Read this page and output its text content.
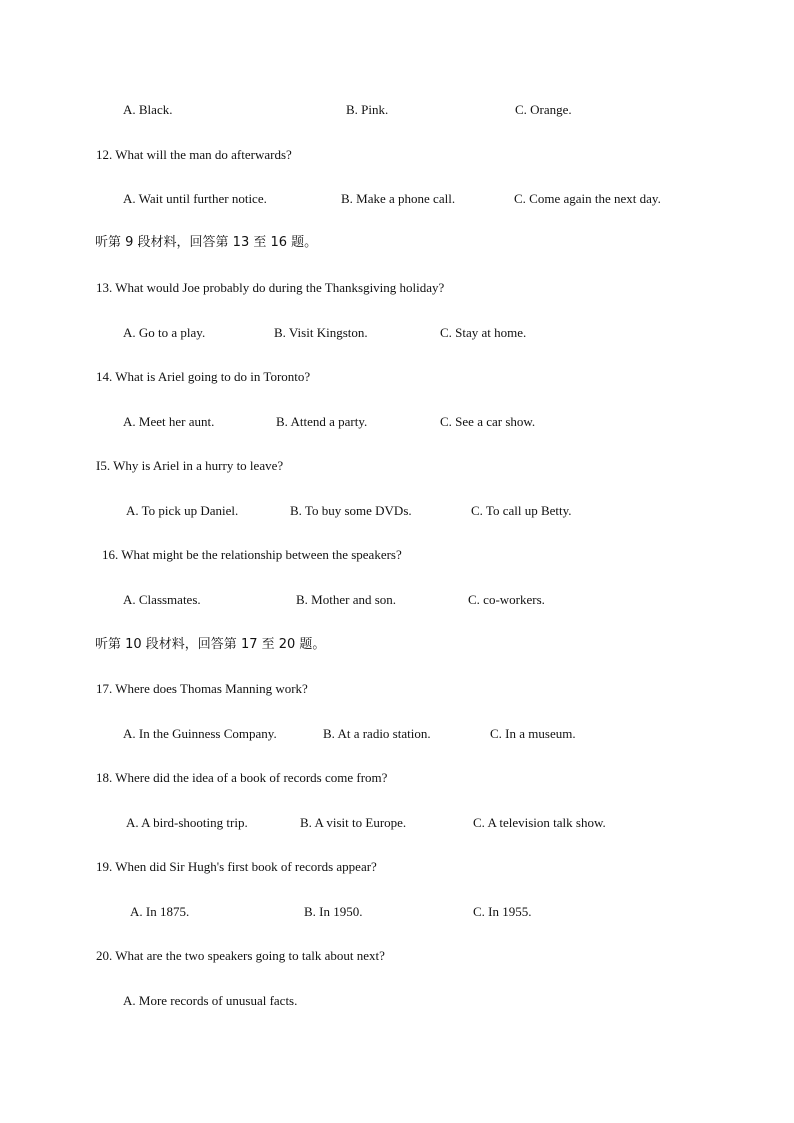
A. Black.	B. Pink.	C. Orange.
12. What will the man do afterwards?
A. Wait until further notice.	B. Make a phone call.	C. Come again the next day.
听第 9 段材料，回答第 13 至 16 题。
13. What would Joe probably do during the Thanksgiving holiday?
A. Go to a play.	B. Visit Kingston.	C. Stay at home.
14. What is Ariel going to do in Toronto?
A. Meet her aunt.	B. Attend a party.	C. See a car show.
I5. Why is Ariel in a hurry to leave?
A. To pick up Daniel.	B. To buy some DVDs.	C. To call up Betty.
16. What might be the relationship between the speakers?
A. Classmates.	B. Mother and son.	C. co-workers.
听第 10 段材料，回答第 17 至 20 题。
17. Where does Thomas Manning work?
A. In the Guinness Company.	B. At a radio station.	C. In a museum.
18. Where did the idea of a book of records come from?
A. A bird-shooting trip.	B. A visit to Europe.	C. A television talk show.
19. When did Sir Hugh's first book of records appear?
A. In 1875.	B. In 1950.	C. In 1955.
20. What are the two speakers going to talk about next?
A. More records of unusual facts.
